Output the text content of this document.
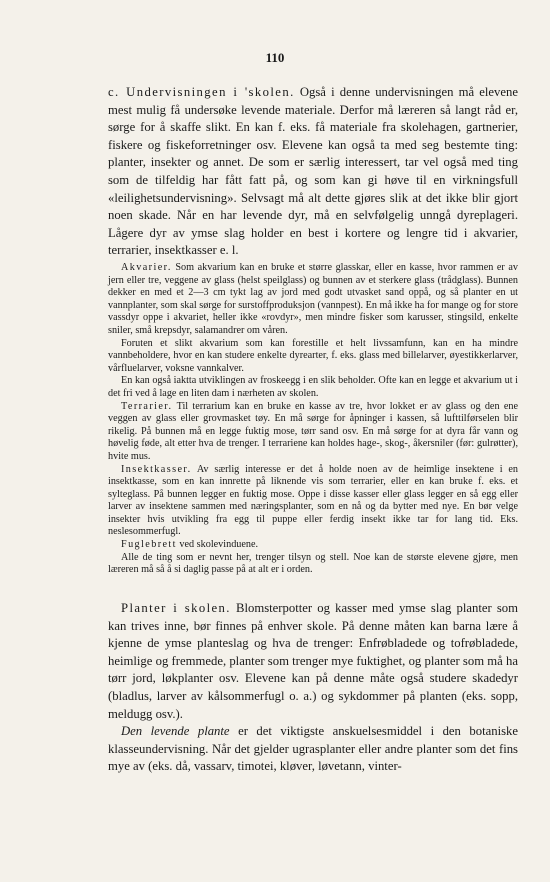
110

c. Undervisningen i 'skolen. Også i denne undervisningen må elevene mest mulig få undersøke levende materiale. Derfor må læreren så langt råd er, sørge for å skaffe slikt. En kan f. eks. få materiale fra skolehagen, gartnerier, fiskere og fiskeforretninger osv. Elevene kan også ta med seg bestemte ting: planter, insekter og annet. De som er særlig interessert, tar vel også med ting som de tilfeldig har fått fatt på, og som kan gi høve til en virkningsfull «leilighetsundervisning». Selvsagt må alt dette gjøres slik at det ikke blir gjort noen skade. Når en har levende dyr, må en selvfølgelig unngå dyreplageri. Lågere dyr av ymse slag holder en best i kortere og lengre tid i akvarier, terrarier, insektkasser e. l.

Akvarier. Som akvarium kan en bruke et større glasskar, eller en kasse, hvor rammen er av jern eller tre, veggene av glass (helst speilglass) og bunnen av et sterkere glass (trådglass). Bunnen dekker en med et 2—3 cm tykt lag av jord med godt utvasket sand oppå, og så planter en ut vannplanter, som skal sørge for surstoffproduksjon (vannpest). En må ikke ha for mange og for store vassdyr oppe i akvariet, heller ikke «rovdyr», men mindre fisker som karusser, stingsild, enkelte sniler, små krepsdyr, salamandrer om våren.

Foruten et slikt akvarium som kan forestille et helt livssamfunn, kan en ha mindre vannbeholdere, hvor en kan studere enkelte dyrearter, f. eks. glass med billelarver, øyestikkerlarver, vårfluelarver, voksne vannkalver.

En kan også iaktta utviklingen av froskeegg i en slik beholder. Ofte kan en legge et akvarium ut i det fri ved å lage en liten dam i nærheten av skolen.

Terrarier. Til terrarium kan en bruke en kasse av tre, hvor lokket er av glass og den ene veggen av glass eller grovmasket tøy. En må sørge for åpninger i kassen, så lufttilførselen blir rikelig. På bunnen må en legge fuktig mose, tørr sand osv. En må sørge for at dyra får vann og høvelig føde, alt etter hva de trenger. I terrariene kan holdes hage-, skog-, åkersniler (før: gulrøtter), hvite mus.

Insektkasser. Av særlig interesse er det å holde noen av de heimlige insektene i en insektkasse, som en kan innrette på liknende vis som terrarier, eller en kan bruke f. eks. et sylteglass. På bunnen legger en fuktig mose. Oppe i disse kasser eller glass legger en så egg eller larver av insektene sammen med næringsplanter, som en nå og da bytter med nye. En bør velge insekter hvis utvikling fra egg til puppe eller ferdig insekt ikke tar for lang tid. Eks. neslesommerfugl.

Fuglebrett ved skolevinduene.

Alle de ting som er nevnt her, trenger tilsyn og stell. Noe kan de største elevene gjøre, men læreren må så å si daglig passe på at alt er i orden.

Planter i skolen. Blomsterpotter og kasser med ymse slag planter som kan trives inne, bør finnes på enhver skole. På denne måten kan barna lære å kjenne de ymse planteslag og hva de trenger: Enfrøbladede og tofrøbladede, heimlige og fremmede, planter som trenger mye fuktighet, og planter som må ha tørr jord, løkplanter osv. Elevene kan på denne måte også studere skadedyr (bladlus, larver av kålsommerfugl o. a.) og sykdommer på planten (eks. sopp, meldugg osv.).

Den levende plante er det viktigste anskuelsesmiddel i den botaniske klasseundervisning. Når det gjelder ugrasplanter eller andre planter som det fins mye av (eks. då, vassarv, timotei, kløver, løvetann, vinter-
